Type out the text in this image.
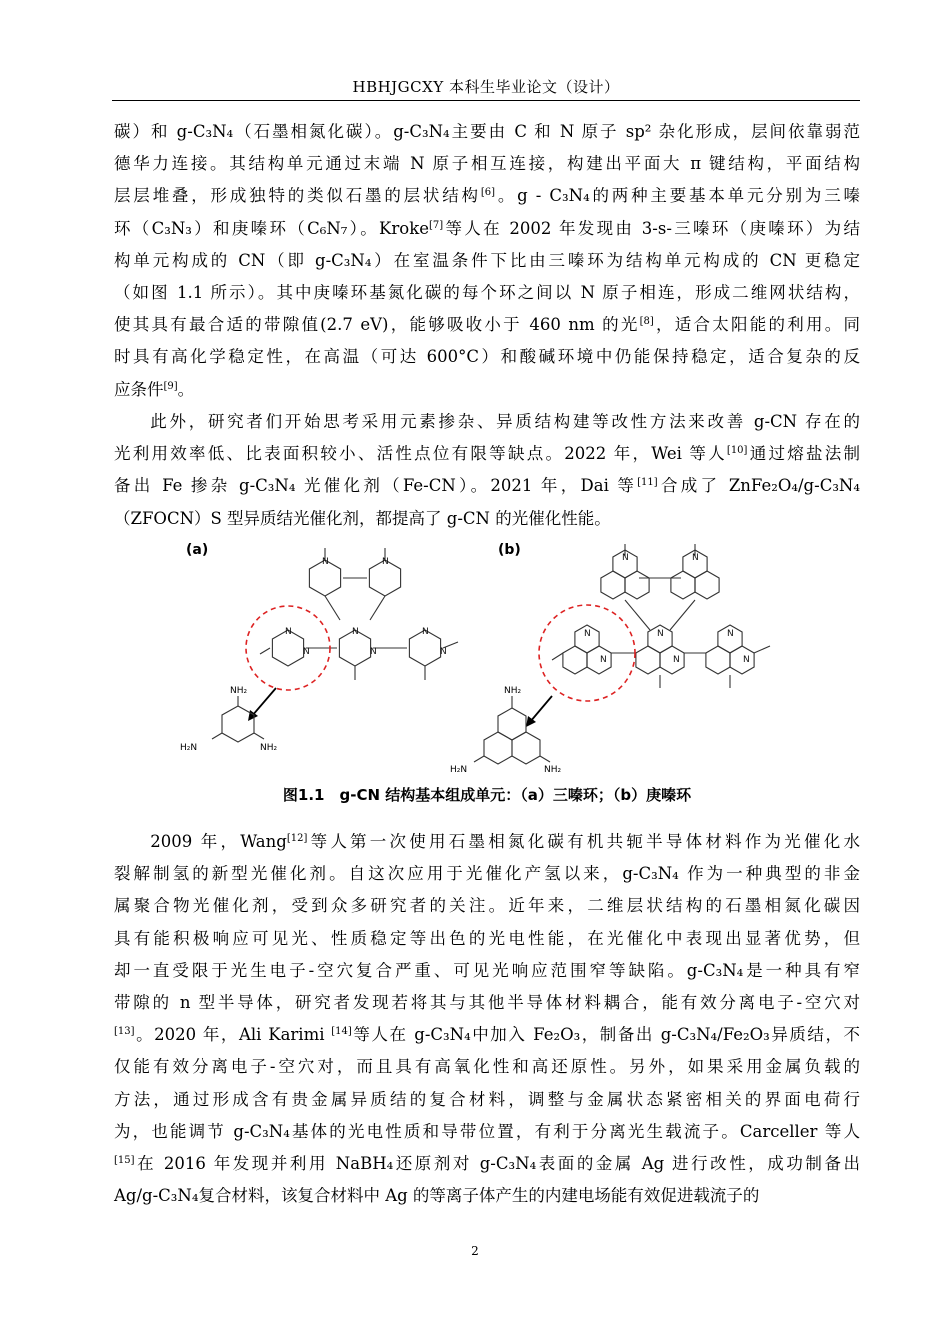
HBHJGCXY 本科生毕业论文（设计）
碳）和 g-C₃N₄（石墨相氮化碳）。g-C₃N₄主要由 C 和 N 原子 sp² 杂化形成，层间依靠弱范
德华力连接。其结构单元通过末端 N 原子相互连接，构建出平面大 π 键结构，平面结构
层层堆叠，形成独特的类似石墨的层状结构[6]。g - C₃N₄的两种主要基本单元分别为三嗪
环（C₃N₃）和庚嗪环（C₆N₇）。Kroke[7]等人在 2002 年发现由 3-s-三嗪环（庚嗪环）为结
构单元构成的 CN（即 g-C₃N₄）在室温条件下比由三嗪环为结构单元构成的 CN 更稳定
（如图 1.1 所示）。其中庚嗪环基氮化碳的每个环之间以 N 原子相连，形成二维网状结构，
使其具有最合适的带隙值(2.7 eV)，能够吸收小于 460 nm 的光[8]，适合太阳能的利用。同
时具有高化学稳定性，在高温（可达 600°C）和酸碱环境中仍能保持稳定，适合复杂的反
应条件[9]。
此外，研究者们开始思考采用元素掺杂、异质结构建等改性方法来改善 g-CN 存在的
光利用效率低、比表面积较小、活性点位有限等缺点。2022 年，Wei 等人[10]通过熔盐法制
备出 Fe 掺杂 g-C₃N₄ 光催化剂（Fe-CN）。2021 年，Dai 等[11]合成了 ZnFe₂O₄/g-C₃N₄
（ZFOCN）S 型异质结光催化剂，都提高了 g-CN 的光催化性能。
(a)	(b)
N	N
N	N	N
N	N	N
N	N
N	N	N
N	N	N
NH₂
NH₂
H₂N
NH₂
NH₂
H₂N
图1.1　g-CN 结构基本组成单元：（a）三嗪环；（b）庚嗪环
2009 年，Wang[12]等人第一次使用石墨相氮化碳有机共轭半导体材料作为光催化水
裂解制氢的新型光催化剂。自这次应用于光催化产氢以来，g-C₃N₄ 作为一种典型的非金
属聚合物光催化剂，受到众多研究者的关注。近年来，二维层状结构的石墨相氮化碳因
具有能积极响应可见光、性质稳定等出色的光电性能，在光催化中表现出显著优势，但
却一直受限于光生电子-空穴复合严重、可见光响应范围窄等缺陷。g-C₃N₄是一种具有窄
带隙的 n 型半导体，研究者发现若将其与其他半导体材料耦合，能有效分离电子-空穴对
[13]。2020 年，Ali Karimi [14]等人在 g-C₃N₄中加入 Fe₂O₃，制备出 g-C₃N₄/Fe₂O₃异质结，不
仅能有效分离电子-空穴对，而且具有高氧化性和高还原性。另外，如果采用金属负载的
方法，通过形成含有贵金属异质结的复合材料，调整与金属状态紧密相关的界面电荷行
为，也能调节 g-C₃N₄基体的光电性质和导带位置，有利于分离光生载流子。Carceller 等人
[15]在 2016 年发现并利用 NaBH₄还原剂对 g-C₃N₄表面的金属 Ag 进行改性，成功制备出
Ag/g-C₃N₄复合材料，该复合材料中 Ag 的等离子体产生的内建电场能有效促进载流子的
2
